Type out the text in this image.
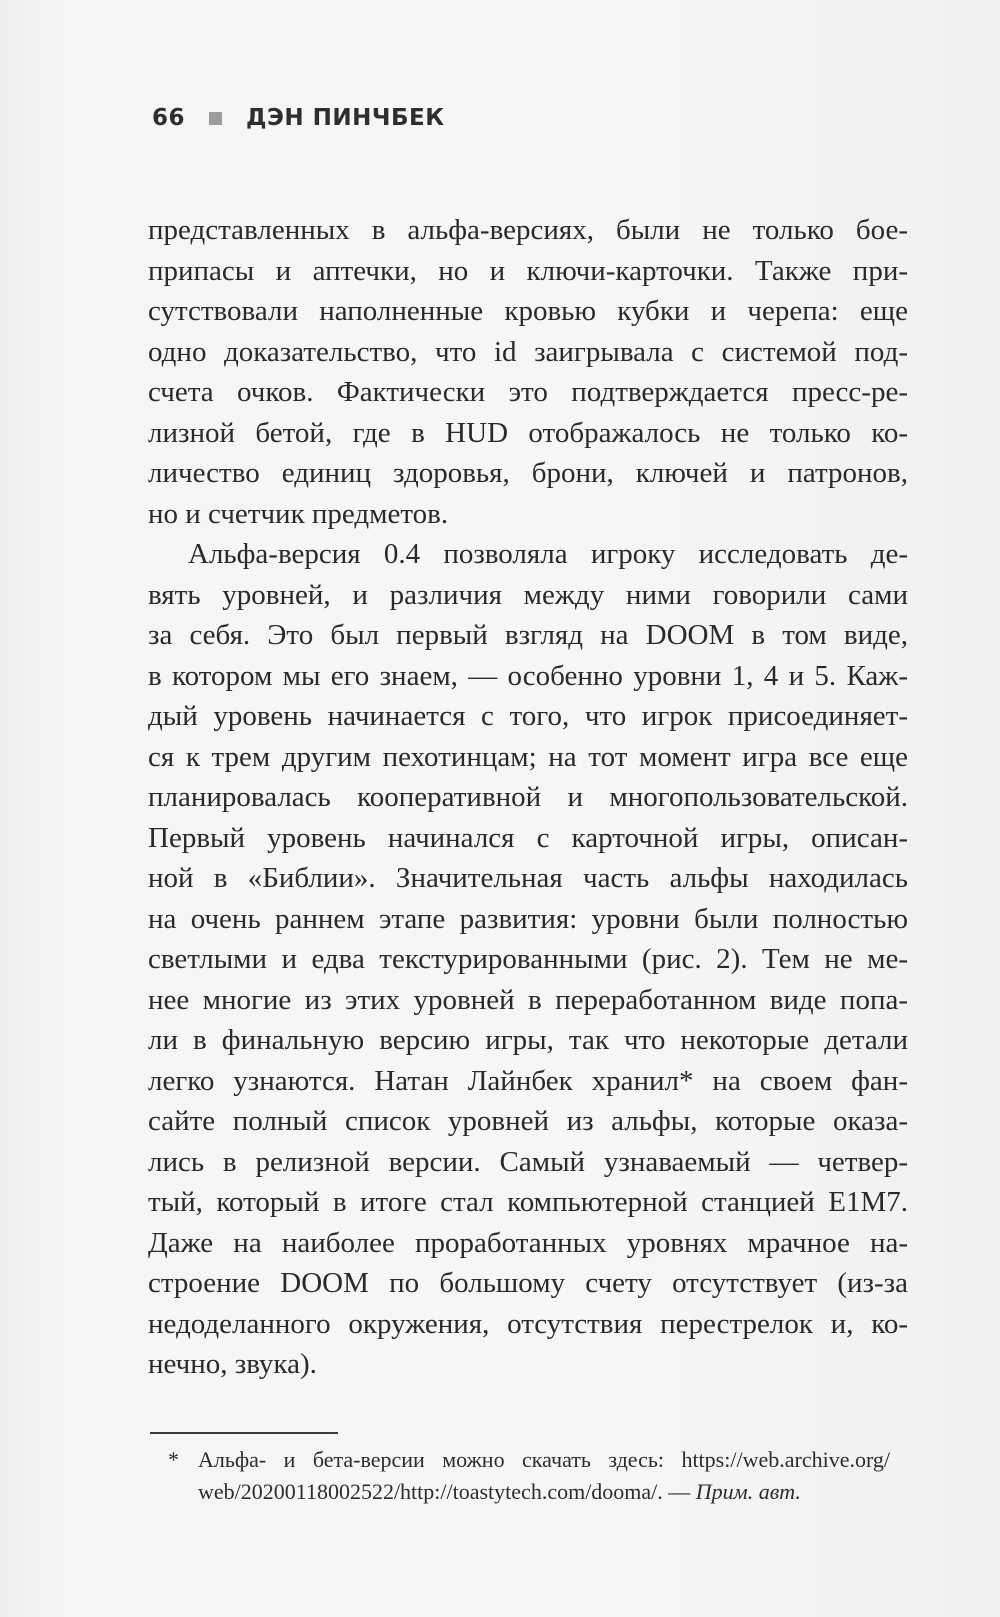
66	ДЭН ПИНЧБЕК
представленных в альфа-версиях, были не только бое-
припасы и аптечки, но и ключи-карточки. Также при-
сутствовали наполненные кровью кубки и черепа: еще
одно доказательство, что id заигрывала с системой под-
счета очков. Фактически это подтверждается пресс-ре-
лизной бетой, где в HUD отображалось не только ко-
личество единиц здоровья, брони, ключей и патронов,
но и счетчик предметов.
Альфа-версия 0.4 позволяла игроку исследовать де-
вять уровней, и различия между ними говорили сами
за себя. Это был первый взгляд на DOOM в том виде,
в котором мы его знаем, — особенно уровни 1, 4 и 5. Каж-
дый уровень начинается с того, что игрок присоединяет-
ся к трем другим пехотинцам; на тот момент игра все еще
планировалась кооперативной и многопользовательской.
Первый уровень начинался с карточной игры, описан-
ной в «Библии». Значительная часть альфы находилась
на очень раннем этапе развития: уровни были полностью
светлыми и едва текстурированными (рис. 2). Тем не ме-
нее многие из этих уровней в переработанном виде попа-
ли в финальную версию игры, так что некоторые детали
легко узнаются. Натан Лайнбек хранил* на своем фан-
сайте полный список уровней из альфы, которые оказа-
лись в релизной версии. Самый узнаваемый — четвер-
тый, который в итоге стал компьютерной станцией E1M7.
Даже на наиболее проработанных уровнях мрачное на-
строение DOOM по большому счету отсутствует (из-за
недоделанного окружения, отсутствия перестрелок и, ко-
нечно, звука).
* Альфа- и бета-версии можно скачать здесь: https://web.archive.org/
web/20200118002522/http://toastytech.com/dooma/. — Прим. авт.
